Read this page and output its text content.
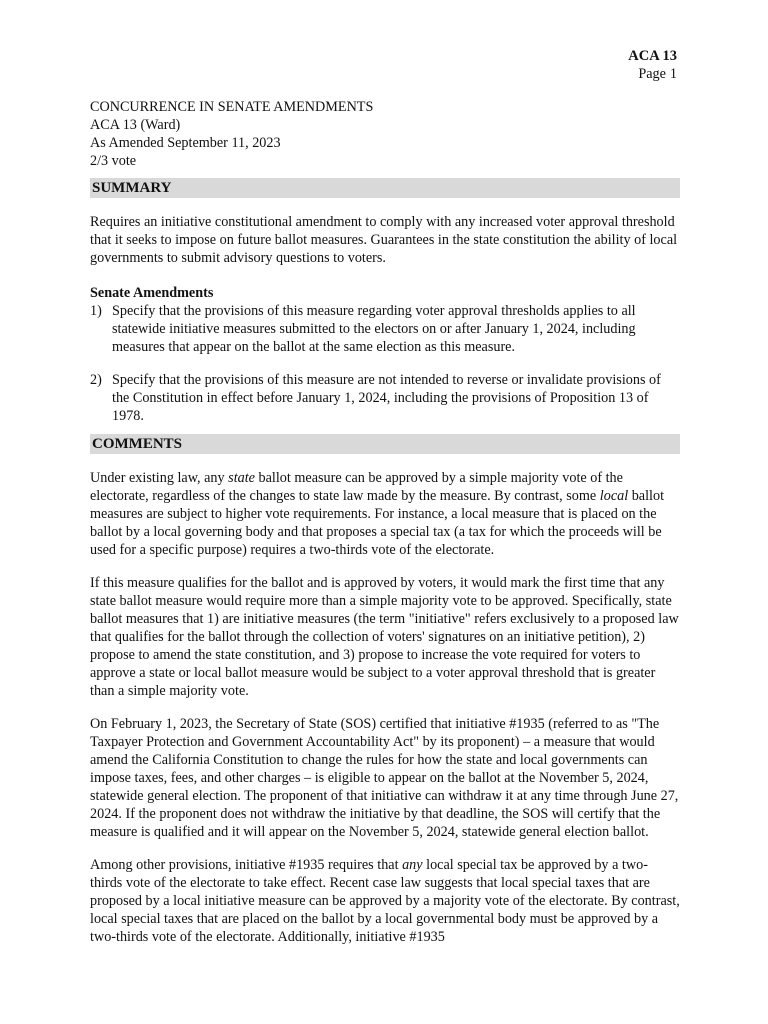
ACA 13
Page 1
CONCURRENCE IN SENATE AMENDMENTS
ACA 13 (Ward)
As Amended September 11, 2023
2/3 vote
SUMMARY

Requires an initiative constitutional amendment to comply with any increased voter approval threshold that it seeks to impose on future ballot measures. Guarantees in the state constitution the ability of local governments to submit advisory questions to voters.

Senate Amendments

1) Specify that the provisions of this measure regarding voter approval thresholds applies to all statewide initiative measures submitted to the electors on or after January 1, 2024, including measures that appear on the ballot at the same election as this measure.
2) Specify that the provisions of this measure are not intended to reverse or invalidate provisions of the Constitution in effect before January 1, 2024, including the provisions of Proposition 13 of 1978.
COMMENTS

Under existing law, any state ballot measure can be approved by a simple majority vote of the electorate, regardless of the changes to state law made by the measure. By contrast, some local ballot measures are subject to higher vote requirements. For instance, a local measure that is placed on the ballot by a local governing body and that proposes a special tax (a tax for which the proceeds will be used for a specific purpose) requires a two-thirds vote of the electorate.

If this measure qualifies for the ballot and is approved by voters, it would mark the first time that any state ballot measure would require more than a simple majority vote to be approved. Specifically, state ballot measures that 1) are initiative measures (the term "initiative" refers exclusively to a proposed law that qualifies for the ballot through the collection of voters' signatures on an initiative petition), 2) propose to amend the state constitution, and 3) propose to increase the vote required for voters to approve a state or local ballot measure would be subject to a voter approval threshold that is greater than a simple majority vote.

On February 1, 2023, the Secretary of State (SOS) certified that initiative #1935 (referred to as "The Taxpayer Protection and Government Accountability Act" by its proponent) – a measure that would amend the California Constitution to change the rules for how the state and local governments can impose taxes, fees, and other charges – is eligible to appear on the ballot at the November 5, 2024, statewide general election. The proponent of that initiative can withdraw it at any time through June 27, 2024. If the proponent does not withdraw the initiative by that deadline, the SOS will certify that the measure is qualified and it will appear on the November 5, 2024, statewide general election ballot.

Among other provisions, initiative #1935 requires that any local special tax be approved by a two-thirds vote of the electorate to take effect. Recent case law suggests that local special taxes that are proposed by a local initiative measure can be approved by a majority vote of the electorate. By contrast, local special taxes that are placed on the ballot by a local governmental body must be approved by a two-thirds vote of the electorate. Additionally, initiative #1935
